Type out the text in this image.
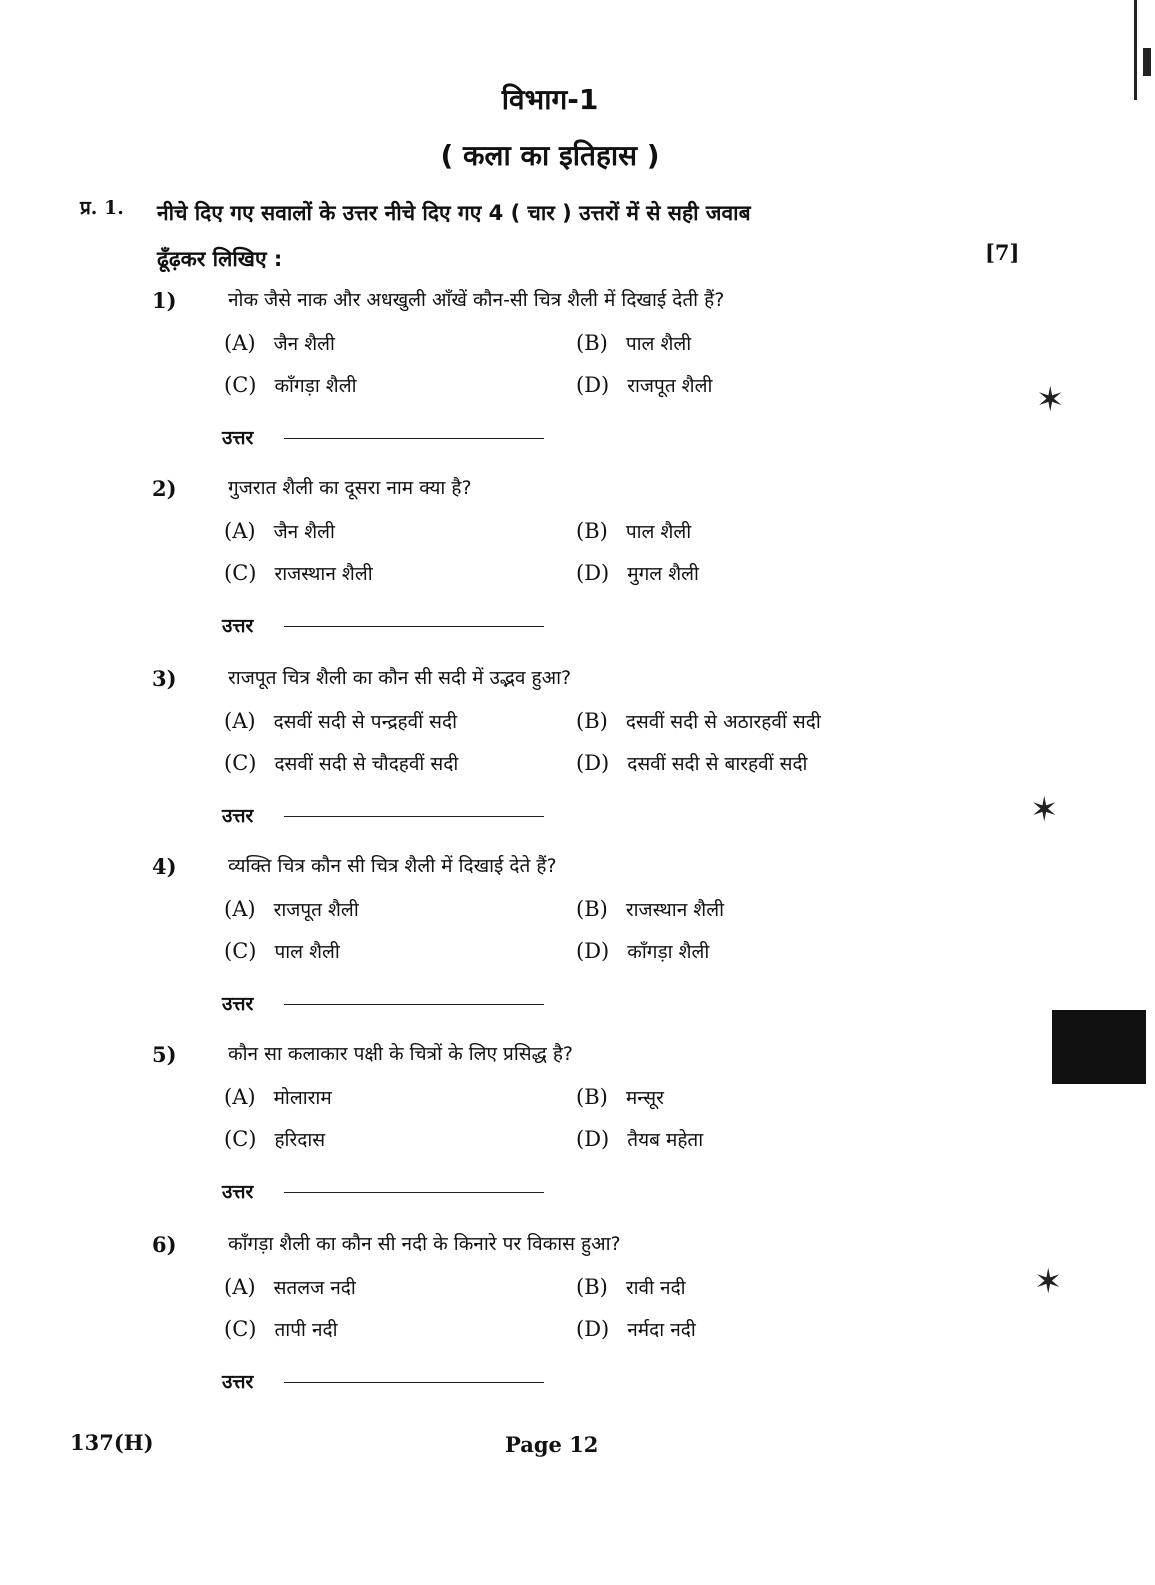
✶
✶
✶
विभाग-1
( कला का इतिहास )
प्र. 1. नीचे दिए गए सवालों के उत्तर नीचे दिए गए 4 ( चार ) उत्तरों में से सही जवाब
ढूँढ़कर लिखिए :	[7]
1)	नोक जैसे नाक और अधखुली आँखें कौन-सी चित्र शैली में दिखाई देती हैं?
(A) जैन शैली	(B) पाल शैली
(C) काँगड़ा शैली	(D) राजपूत शैली
उत्तर
2)	गुजरात शैली का दूसरा नाम क्या है?
(A) जैन शैली	(B) पाल शैली
(C) राजस्थान शैली	(D) मुगल शैली
उत्तर
3)	राजपूत चित्र शैली का कौन सी सदी में उद्भव हुआ?
(A) दसवीं सदी से पन्द्रहवीं सदी	(B) दसवीं सदी से अठारहवीं सदी
(C) दसवीं सदी से चौदहवीं सदी	(D) दसवीं सदी से बारहवीं सदी
उत्तर
4)	व्यक्ति चित्र कौन सी चित्र शैली में दिखाई देते हैं?
(A) राजपूत शैली	(B) राजस्थान शैली
(C) पाल शैली	(D) काँगड़ा शैली
उत्तर
5)	कौन सा कलाकार पक्षी के चित्रों के लिए प्रसिद्ध है?
(A) मोलाराम	(B) मन्सूर
(C) हरिदास	(D) तैयब महेता
उत्तर
6)	काँगड़ा शैली का कौन सी नदी के किनारे पर विकास हुआ?
(A) सतलज नदी	(B) रावी नदी
(C) तापी नदी	(D) नर्मदा नदी
उत्तर
137(H)	Page 12
